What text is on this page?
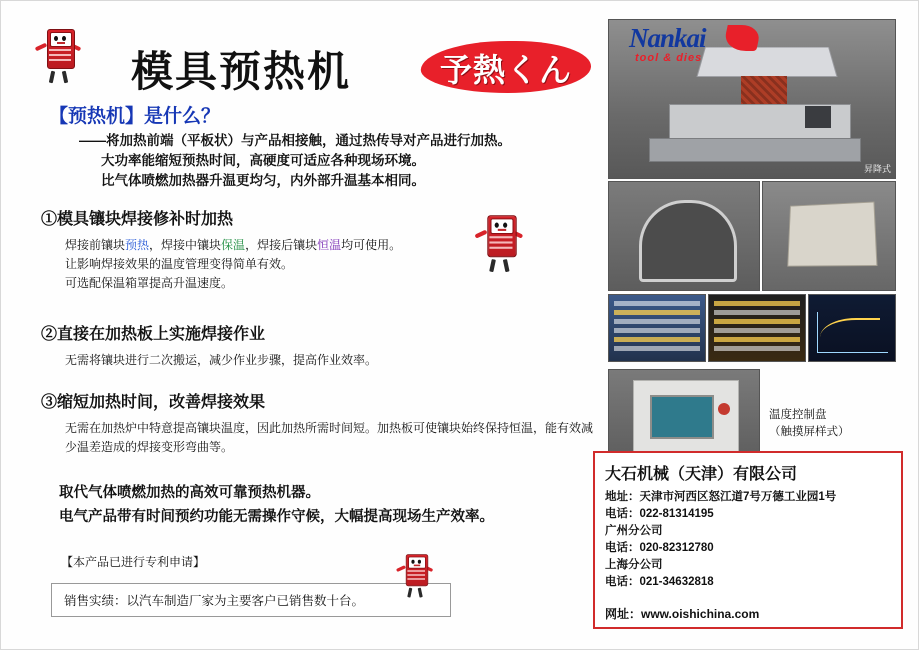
模具预热机	予熱くん
【预热机】是什么？
——将加热前端（平板状）与产品相接触，通过热传导对产品进行加热。
大功率能缩短预热时间，高硬度可适应各种现场环境。
比气体喷燃加热器升温更均匀，内外部升温基本相同。
①模具镶块焊接修补时加热
焊接前镶块预热，焊接中镶块保温，焊接后镶块恒温均可使用。
让影响焊接效果的温度管理变得简单有效。
可选配保温箱罩提高升温速度。
②直接在加热板上实施焊接作业
无需将镶块进行二次搬运，减少作业步骤，提高作业效率。
③缩短加热时间，改善焊接效果
无需在加热炉中特意提高镶块温度，因此加热所需时间短。加热板可使镶块始终保持恒温，能有效减少温差造成的焊接变形弯曲等。
取代气体喷燃加热的高效可靠预热机器。
电气产品带有时间预约功能无需操作守候，大幅提高现场生产效率。
【本产品已进行专利申请】
销售实绩：以汽车制造厂家为主要客户已销售数十台。
昇降式
Nankai
tool & dies
温度控制盘
（触摸屏样式）
大石机械（天津）有限公司
地址：天津市河西区怒江道7号万德工业园1号
电话：022-81314195
广州分公司
电话：020-82312780
上海分公司
电话：021-34632818
网址：www.oishichina.com
